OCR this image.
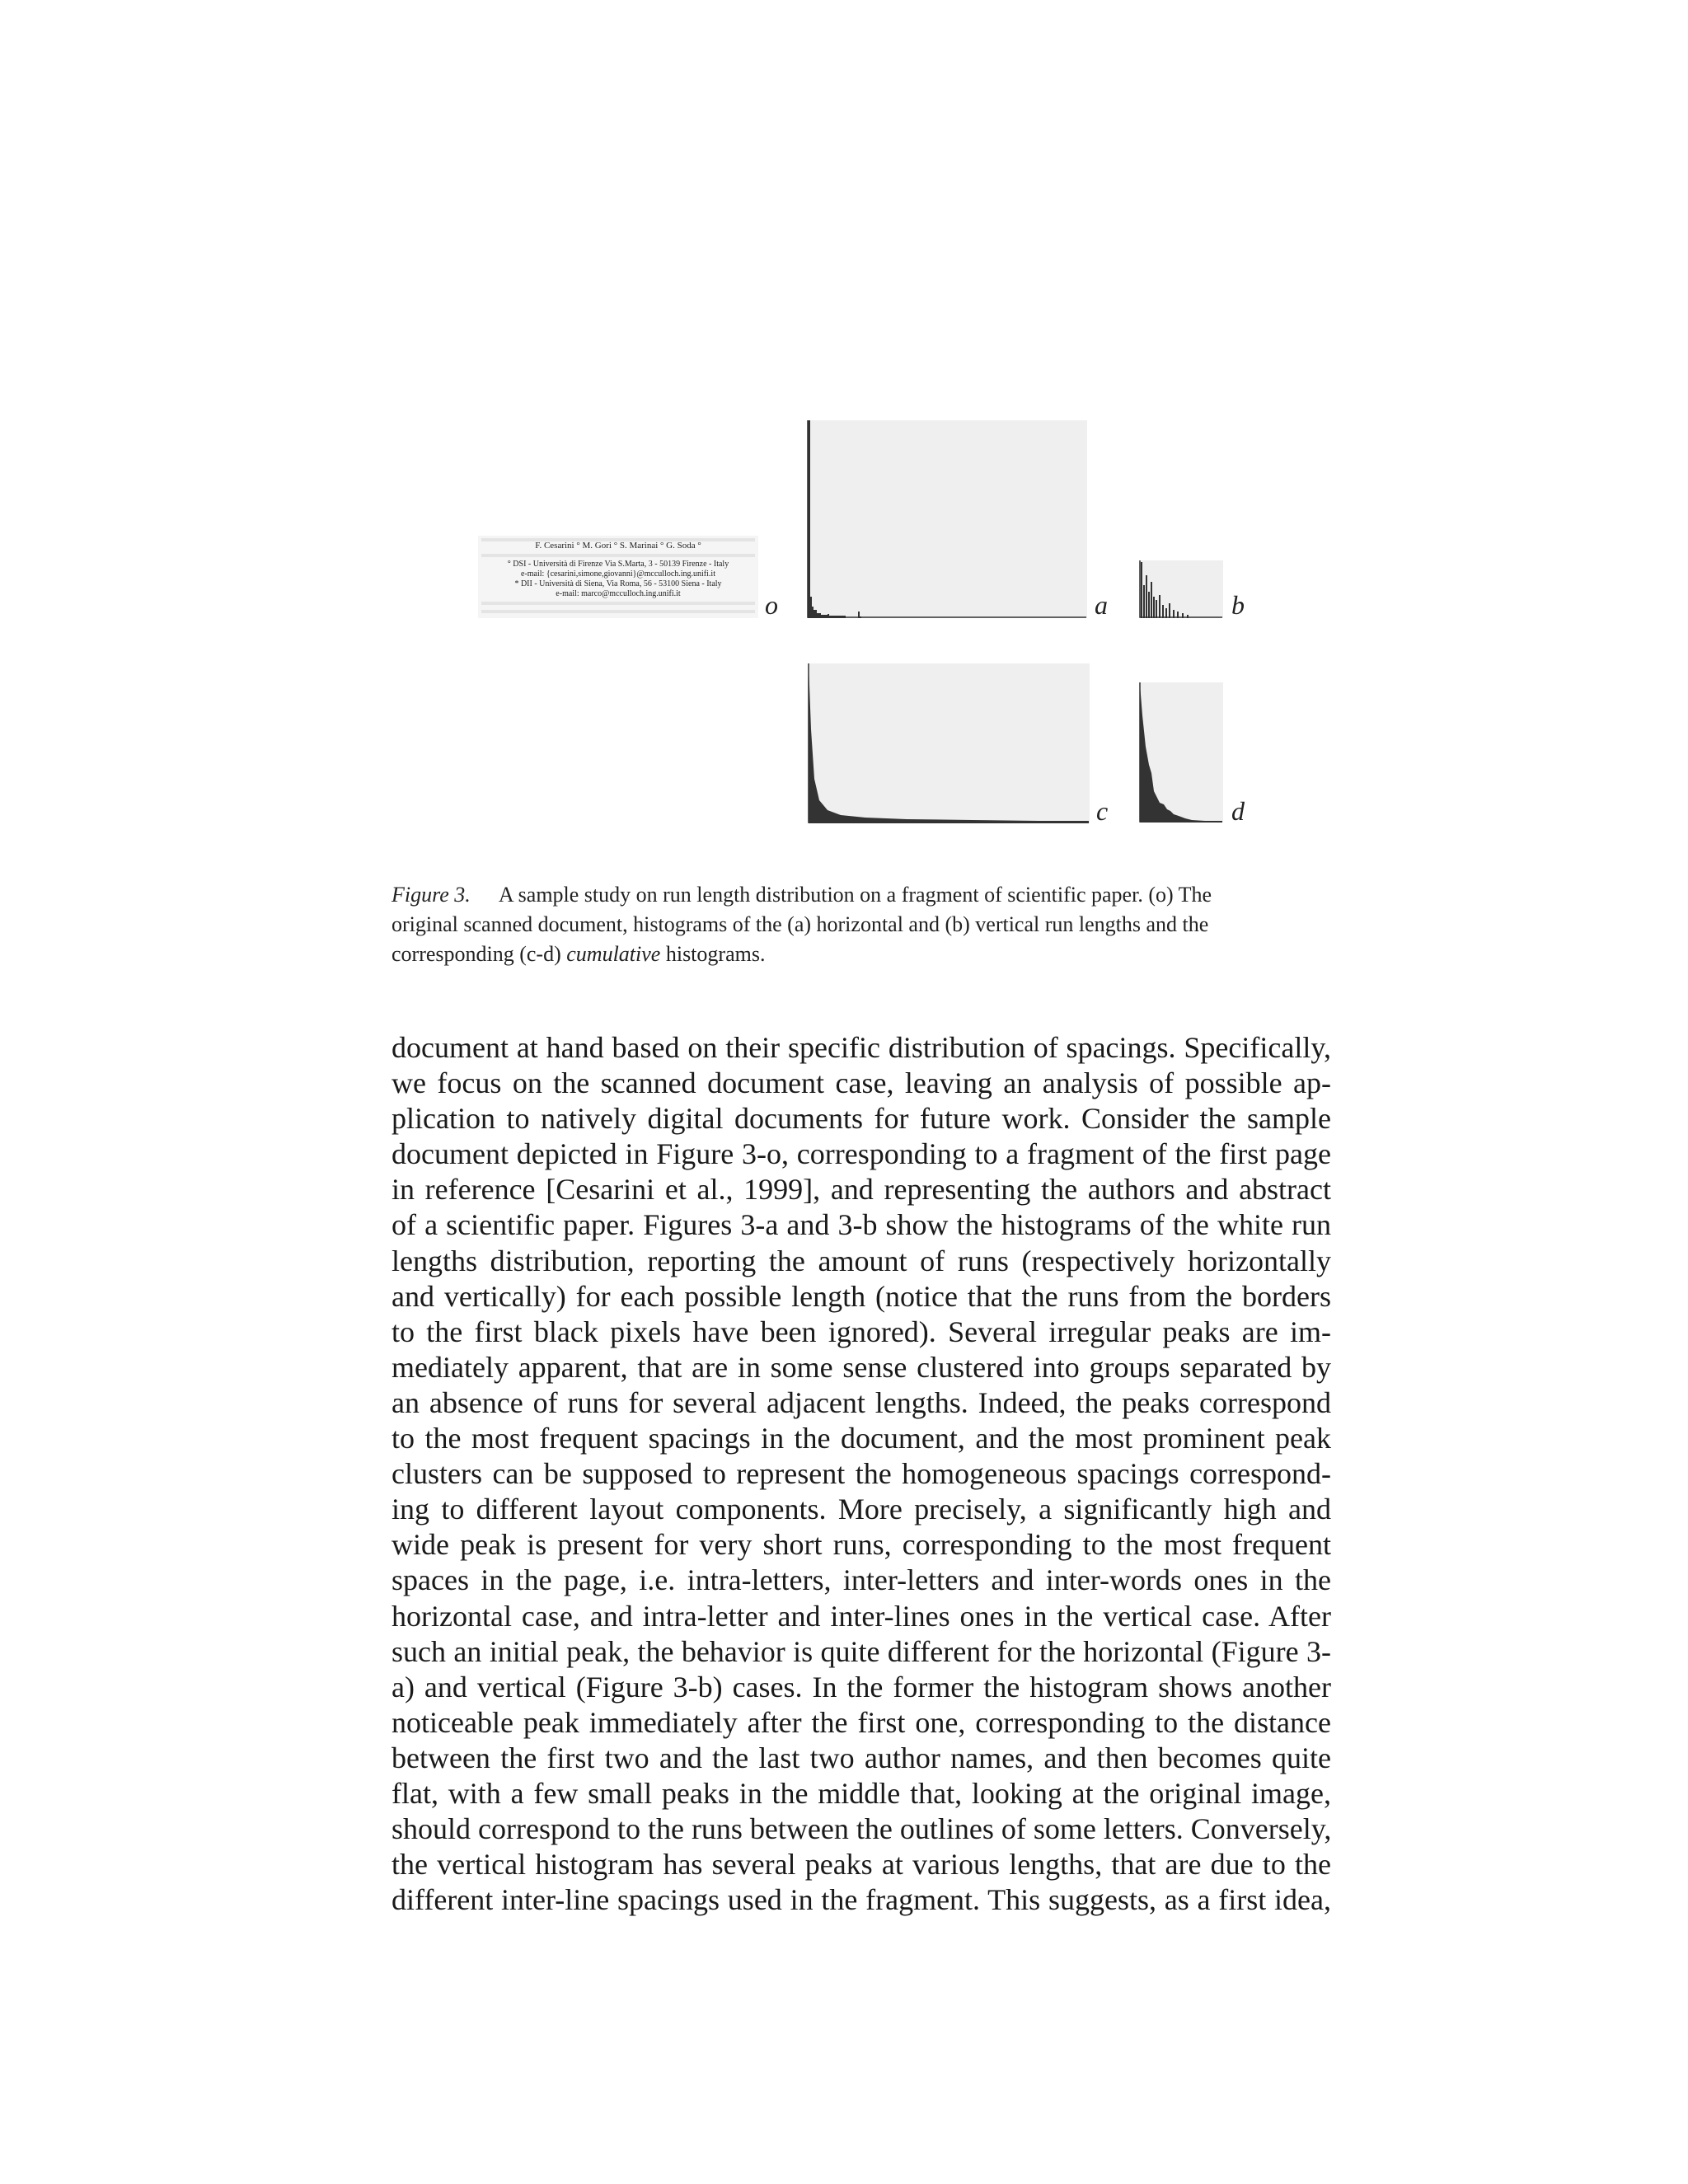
F. Cesarini ° M. Gori ° S. Marinai ° G. Soda °
° DSI - Università di Firenze Via S.Marta, 3 - 50139 Firenze - Italy
e-mail: {cesarini,simone,giovanni}@mcculloch.ing.unifi.it
* DII - Università di Siena, Via Roma, 56 - 53100 Siena - Italy
e-mail: marco@mcculloch.ing.unifi.it	o	a	b
c	d
Figure 3. A sample study on run length distribution on a fragment of scientific paper. (o) The
original scanned document, histograms of the (a) horizontal and (b) vertical run lengths and the
corresponding (c-d) cumulative histograms.
document at hand based on their specific distribution of spacings. Specifically,
we focus on the scanned document case, leaving an analysis of possible ap-
plication to natively digital documents for future work. Consider the sample
document depicted in Figure 3-o, corresponding to a fragment of the first page
in reference [Cesarini et al., 1999], and representing the authors and abstract
of a scientific paper. Figures 3-a and 3-b show the histograms of the white run
lengths distribution, reporting the amount of runs (respectively horizontally
and vertically) for each possible length (notice that the runs from the borders
to the first black pixels have been ignored). Several irregular peaks are im-
mediately apparent, that are in some sense clustered into groups separated by
an absence of runs for several adjacent lengths. Indeed, the peaks correspond
to the most frequent spacings in the document, and the most prominent peak
clusters can be supposed to represent the homogeneous spacings correspond-
ing to different layout components. More precisely, a significantly high and
wide peak is present for very short runs, corresponding to the most frequent
spaces in the page, i.e. intra-letters, inter-letters and inter-words ones in the
horizontal case, and intra-letter and inter-lines ones in the vertical case. After
such an initial peak, the behavior is quite different for the horizontal (Figure 3-
a) and vertical (Figure 3-b) cases. In the former the histogram shows another
noticeable peak immediately after the first one, corresponding to the distance
between the first two and the last two author names, and then becomes quite
flat, with a few small peaks in the middle that, looking at the original image,
should correspond to the runs between the outlines of some letters. Conversely,
the vertical histogram has several peaks at various lengths, that are due to the
different inter-line spacings used in the fragment. This suggests, as a first idea,
